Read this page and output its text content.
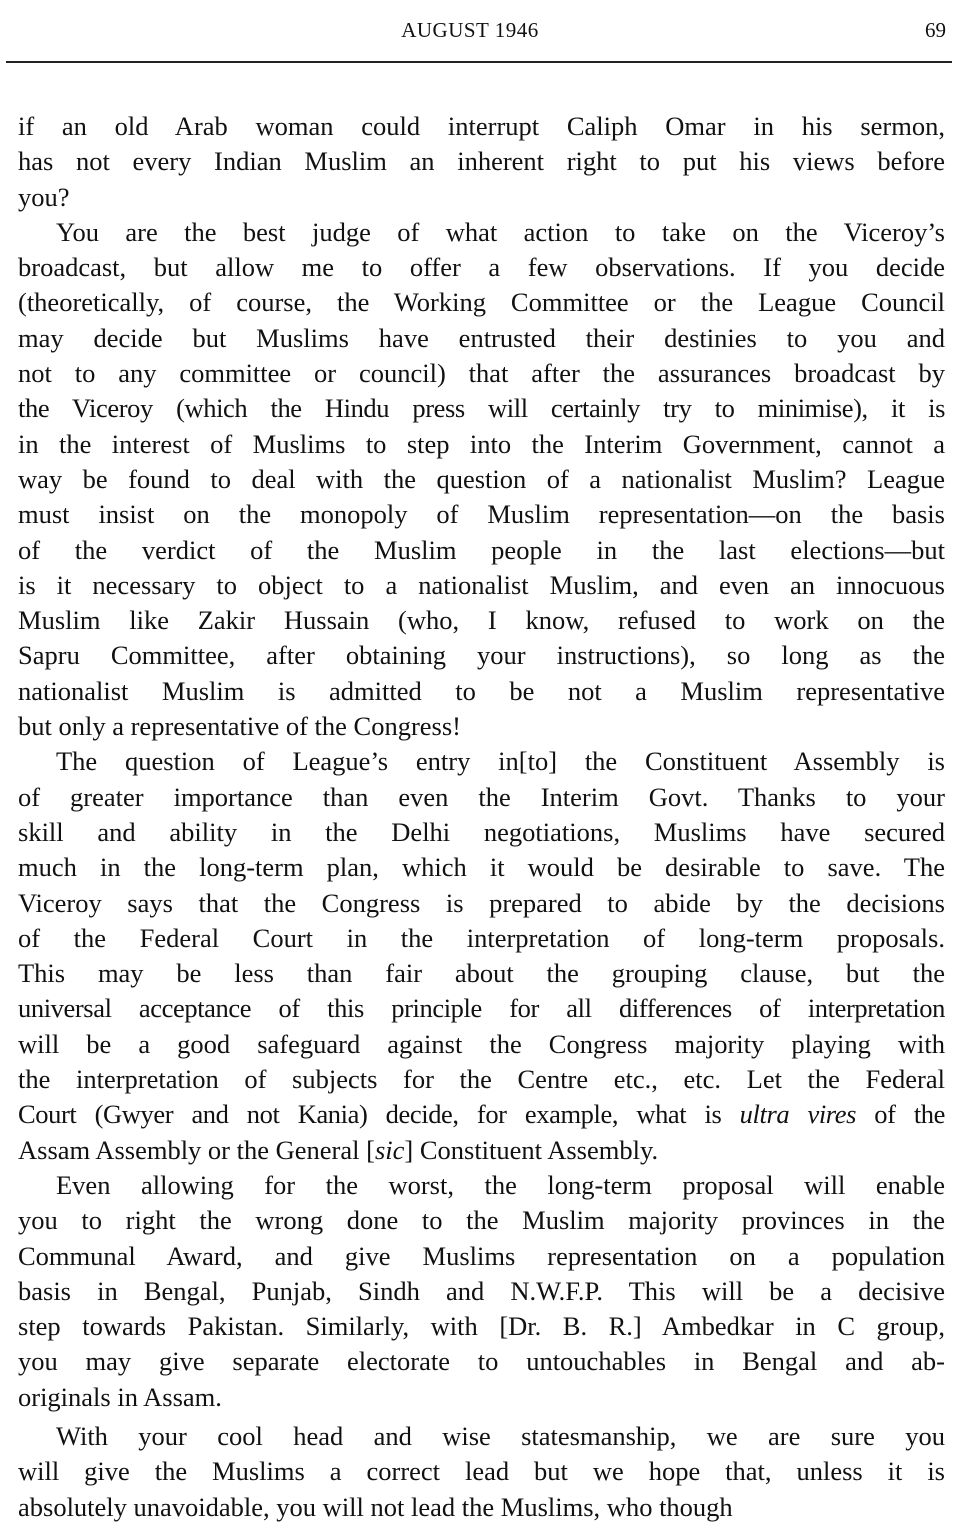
AUGUST 1946	69
if an old Arab woman could interrupt Caliph Omar in his sermon,
has not every Indian Muslim an inherent right to put his views before
you?
You are the best judge of what action to take on the Viceroy’s
broadcast, but allow me to offer a few observations. If you decide
(theoretically, of course, the Working Committee or the League Council
may decide but Muslims have entrusted their destinies to you and
not to any committee or council) that after the assurances broadcast by
the Viceroy (which the Hindu press will certainly try to minimise), it is
in the interest of Muslims to step into the Interim Government, cannot a
way be found to deal with the question of a nationalist Muslim? League
must insist on the monopoly of Muslim representation—on the basis
of the verdict of the Muslim people in the last elections—but
is it necessary to object to a nationalist Muslim, and even an innocuous
Muslim like Zakir Hussain (who, I know, refused to work on the
Sapru Committee, after obtaining your instructions), so long as the
nationalist Muslim is admitted to be not a Muslim representative
but only a representative of the Congress!
The question of League’s entry in[to] the Constituent Assembly is
of greater importance than even the Interim Govt. Thanks to your
skill and ability in the Delhi negotiations, Muslims have secured
much in the long-term plan, which it would be desirable to save. The
Viceroy says that the Congress is prepared to abide by the decisions
of the Federal Court in the interpretation of long-term proposals.
This may be less than fair about the grouping clause, but the
universal acceptance of this principle for all differences of interpretation
will be a good safeguard against the Congress majority playing with
the interpretation of subjects for the Centre etc., etc. Let the Federal
Court (Gwyer and not Kania) decide, for example, what is ultra vires of the
Assam Assembly or the General [sic] Constituent Assembly.
Even allowing for the worst, the long-term proposal will enable
you to right the wrong done to the Muslim majority provinces in the
Communal Award, and give Muslims representation on a population
basis in Bengal, Punjab, Sindh and N.W.F.P. This will be a decisive
step towards Pakistan. Similarly, with [Dr. B. R.] Ambedkar in C group,
you may give separate electorate to untouchables in Bengal and ab-
originals in Assam.
With your cool head and wise statesmanship, we are sure you
will give the Muslims a correct lead but we hope that, unless it is
absolutely unavoidable, you will not lead the Muslims, who though
